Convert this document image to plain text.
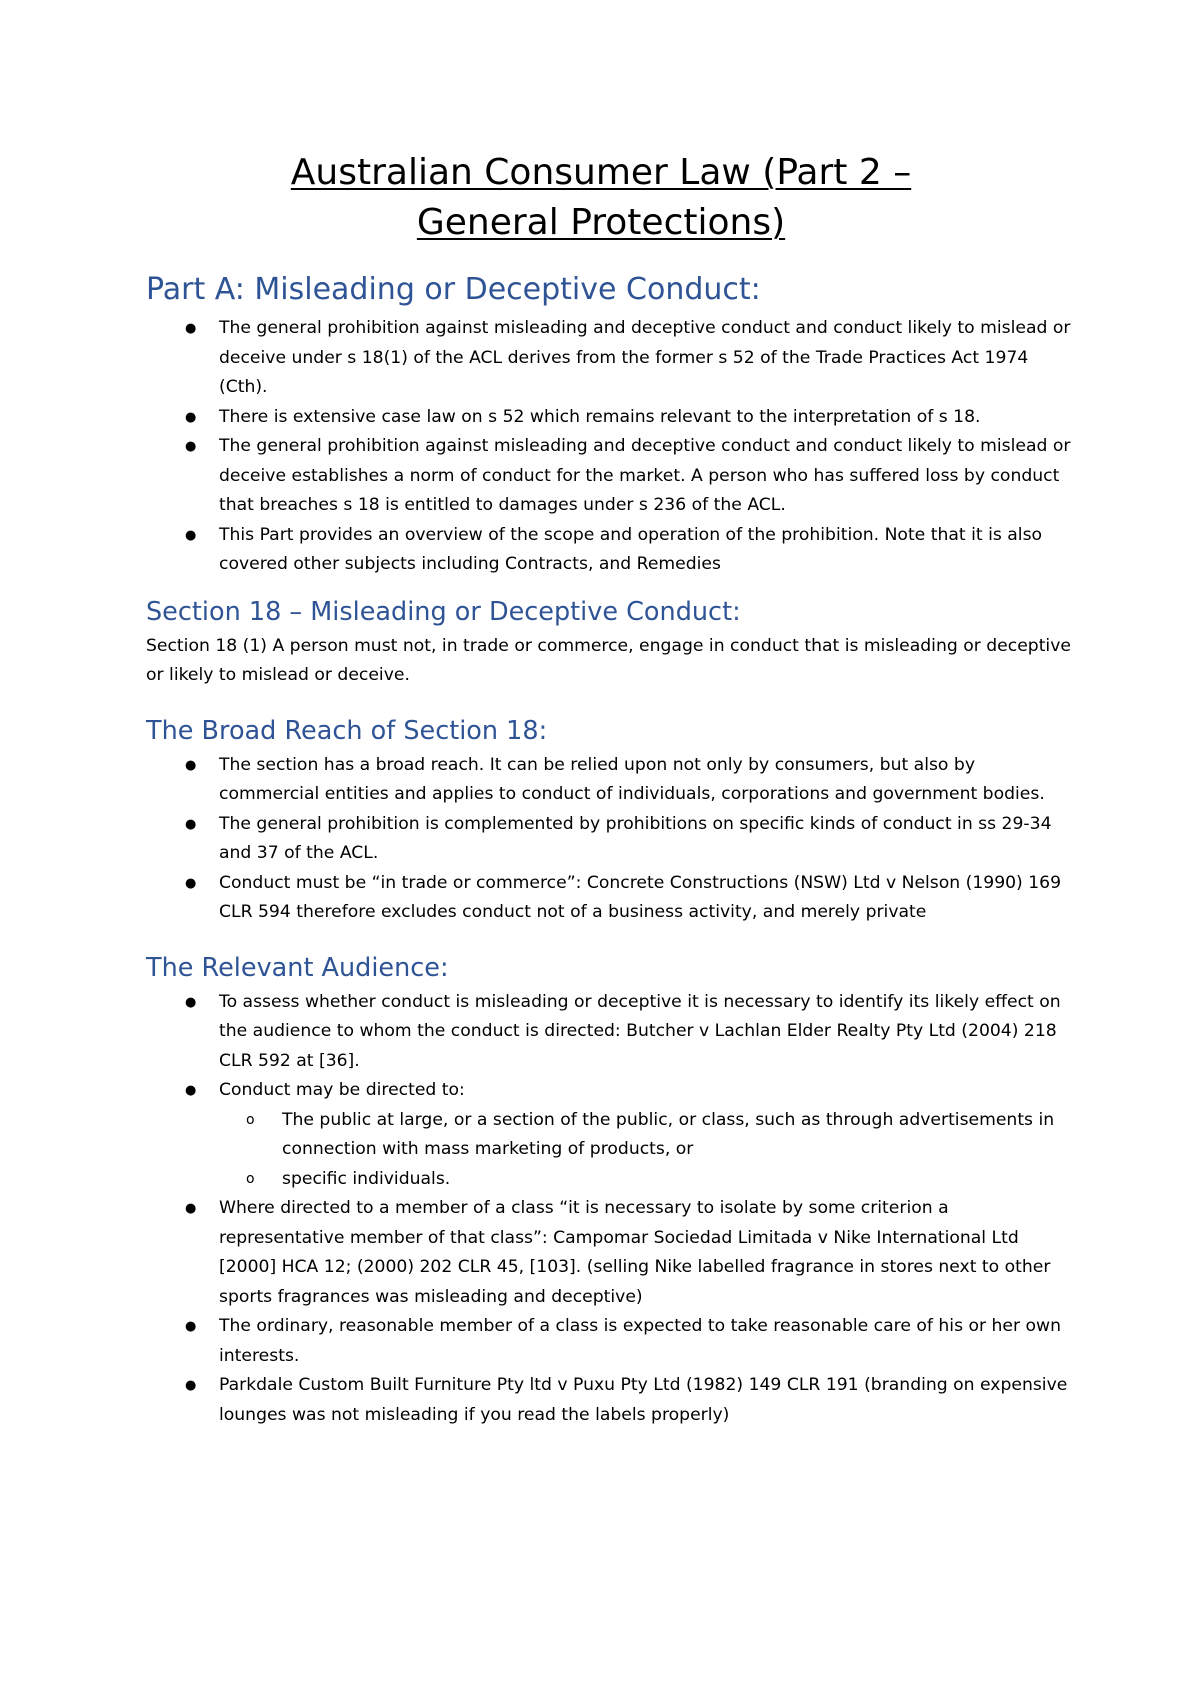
Australian Consumer Law (Part 2 –
General Protections)
Part A: Misleading or Deceptive Conduct:
● The general prohibition against misleading and deceptive conduct and conduct likely to mislead or deceive under s 18(1) of the ACL derives from the former s 52 of the Trade Practices Act 1974 (Cth).
● There is extensive case law on s 52 which remains relevant to the interpretation of s 18.
● The general prohibition against misleading and deceptive conduct and conduct likely to mislead or deceive establishes a norm of conduct for the market. A person who has suffered loss by conduct that breaches s 18 is entitled to damages under s 236 of the ACL.
● This Part provides an overview of the scope and operation of the prohibition. Note that it is also covered other subjects including Contracts, and Remedies
Section 18 – Misleading or Deceptive Conduct:

Section 18 (1) A person must not, in trade or commerce, engage in conduct that is misleading or deceptive or likely to mislead or deceive.

The Broad Reach of Section 18:
● The section has a broad reach. It can be relied upon not only by consumers, but also by commercial entities and applies to conduct of individuals, corporations and government bodies.
● The general prohibition is complemented by prohibitions on specific kinds of conduct in ss 29-34 and 37 of the ACL.
● Conduct must be “in trade or commerce”: Concrete Constructions (NSW) Ltd v Nelson (1990) 169 CLR 594 therefore excludes conduct not of a business activity, and merely private
The Relevant Audience:
● To assess whether conduct is misleading or deceptive it is necessary to identify its likely effect on the audience to whom the conduct is directed: Butcher v Lachlan Elder Realty Pty Ltd (2004) 218 CLR 592 at [36].
● Conduct may be directed to:
o The public at large, or a section of the public, or class, such as through advertisements in connection with mass marketing of products, or
o specific individuals.
● Where directed to a member of a class “it is necessary to isolate by some criterion a representative member of that class”: Campomar Sociedad Limitada v Nike International Ltd [2000] HCA 12; (2000) 202 CLR 45, [103]. (selling Nike labelled fragrance in stores next to other sports fragrances was misleading and deceptive)
● The ordinary, reasonable member of a class is expected to take reasonable care of his or her own interests.
● Parkdale Custom Built Furniture Pty ltd v Puxu Pty Ltd (1982) 149 CLR 191 (branding on expensive lounges was not misleading if you read the labels properly)
